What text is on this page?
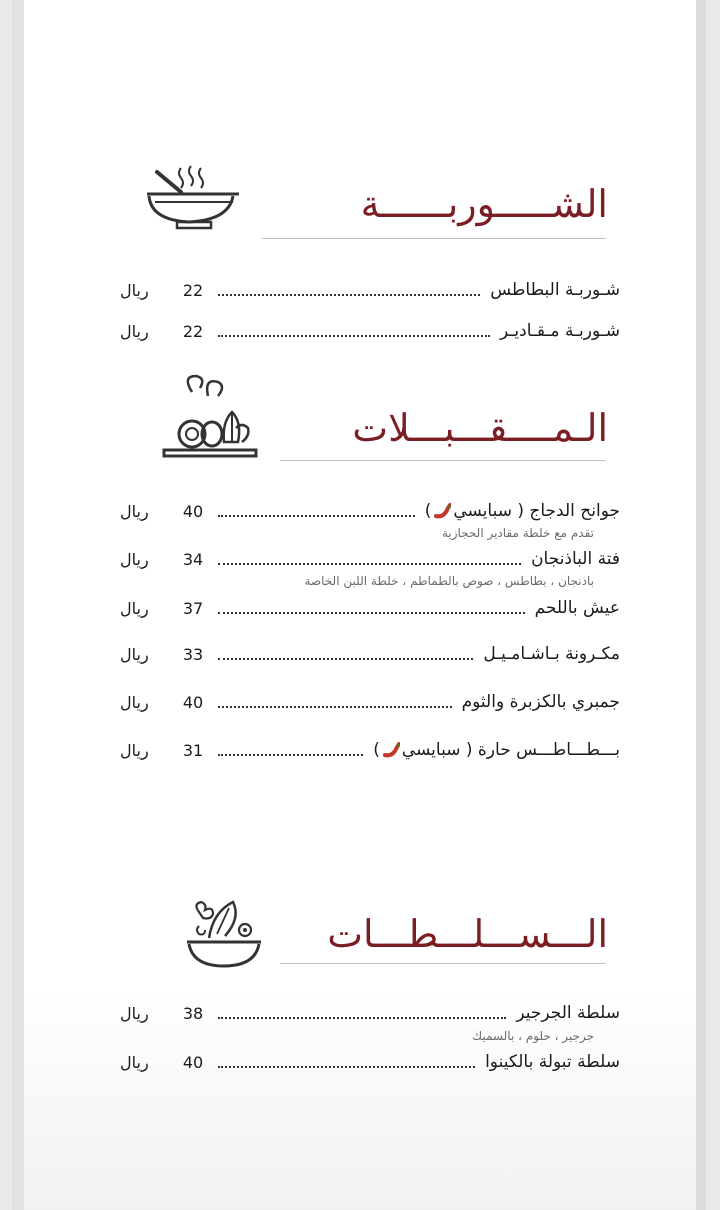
الشـــــوربــــــة
شـوربـة البطاطس
22
ريال
شـوربـة مـقـاديـر
22
ريال
الـمــــقـــبـــلات
جوانح الدجاج ( سبايسي)
40
ريال
تقدم مع خلطة مقادير الحجازية
فتة الباذنجان
34
ريال
باذنجان ، بطاطس ، صوص بالطماطم ، خلطة اللبن الخاصة
عيش باللحم
37
ريال
مكـرونة بـاشـامـيـل
33
ريال
جمبري بالكزبرة والثوم
40
ريال
بـــطـــاطـــس حارة ( سبايسي)
31
ريال
الـــســـلـــطـــات
سلطة الجرجير
38
ريال
جرجير ، حلوم ، بالسميك
سلطة تبولة بالكينوا
40
ريال
